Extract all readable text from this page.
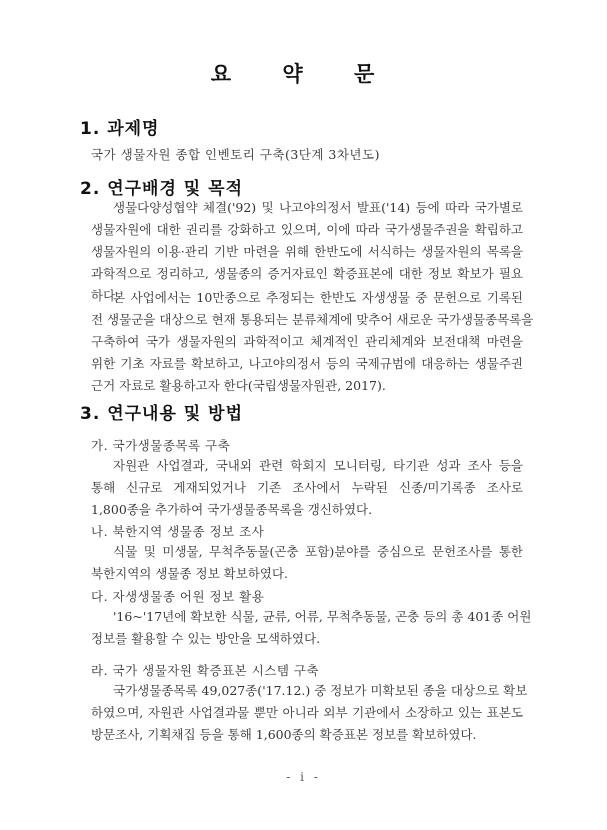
요 약 문
1. 과제명
국가 생물자원 종합 인벤토리 구축(3단계 3차년도)
2. 연구배경 및 목적
생물다양성협약 체결('92) 및 나고야의정서 발표('14) 등에 따라 국가별로
생물자원에 대한 권리를 강화하고 있으며, 이에 따라 국가생물주권을 확립하고
생물자원의 이용·관리 기반 마련을 위해 한반도에 서식하는 생물자원의 목록을
과학적으로 정리하고, 생물종의 증거자료인 확증표본에 대한 정보 확보가 필요
하다.
본 사업에서는 10만종으로 추정되는 한반도 자생생물 중 문헌으로 기록된
전 생물군을 대상으로 현재 통용되는 분류체계에 맞추어 새로운 국가생물종목록을
구축하여 국가 생물자원의 과학적이고 체계적인 관리체계와 보전대책 마련을
위한 기초 자료를 확보하고, 나고야의정서 등의 국제규범에 대응하는 생물주권
근거 자료로 활용하고자 한다(국립생물자원관, 2017).
3. 연구내용 및 방법
가. 국가생물종목록 구축
자원관 사업결과, 국내외 관련 학회지 모니터링, 타기관 성과 조사 등을
통해 신규로 게재되었거나 기존 조사에서 누락된 신종/미기록종 조사로
1,800종을 추가하여 국가생물종목록을 갱신하였다.
나. 북한지역 생물종 정보 조사
식물 및 미생물, 무척추동물(곤충 포함)분야를 중심으로 문헌조사를 통한
북한지역의 생물종 정보 확보하였다.
다. 자생생물종 어원 정보 활용
'16~'17년에 확보한 식물, 균류, 어류, 무척추동물, 곤충 등의 총 401종 어원
정보를 활용할 수 있는 방안을 모색하였다.
라. 국가 생물자원 확증표본 시스템 구축
국가생물종목록 49,027종('17.12.) 중 정보가 미확보된 종을 대상으로 확보
하였으며, 자원관 사업결과물 뿐만 아니라 외부 기관에서 소장하고 있는 표본도
방문조사, 기획채집 등을 통해 1,600종의 확증표본 정보를 확보하였다.
- i -
